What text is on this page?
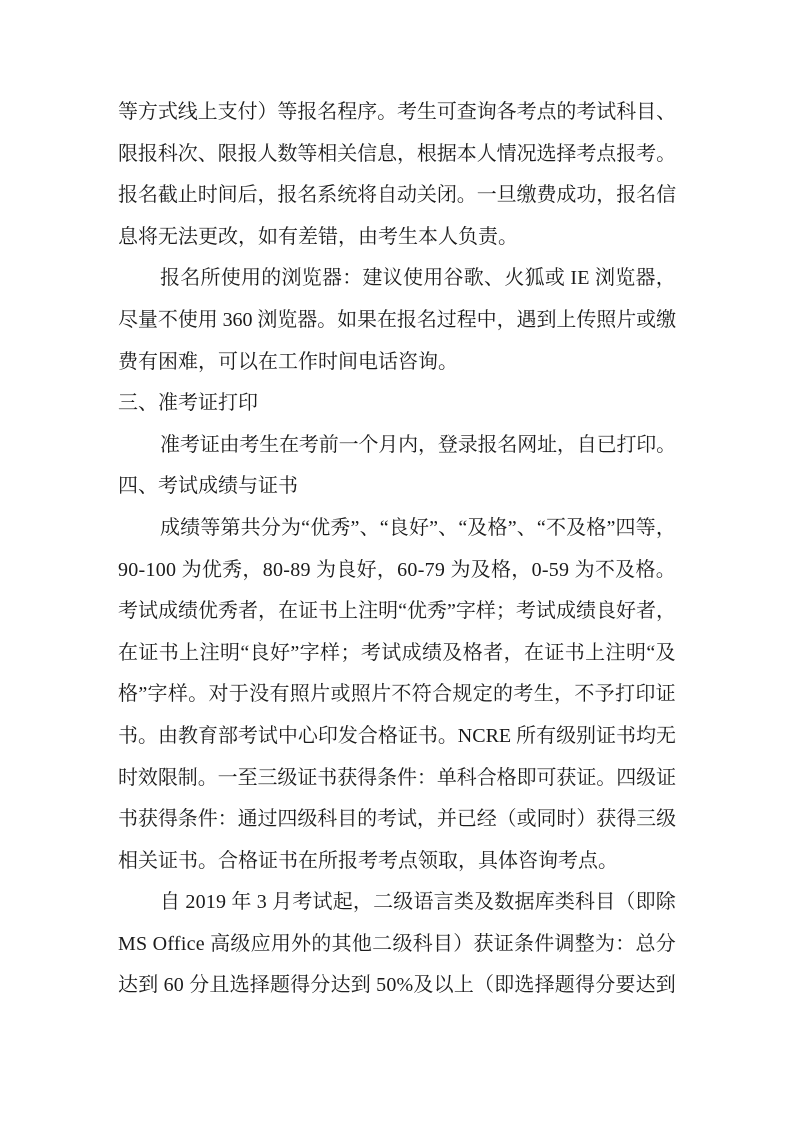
等方式线上支付）等报名程序。考生可查询各考点的考试科目、
限报科次、限报人数等相关信息，根据本人情况选择考点报考。
报名截止时间后，报名系统将自动关闭。一旦缴费成功，报名信
息将无法更改，如有差错，由考生本人负责。
报名所使用的浏览器：建议使用谷歌、火狐或 IE 浏览器，
尽量不使用 360 浏览器。如果在报名过程中，遇到上传照片或缴
费有困难，可以在工作时间电话咨询。
三、准考证打印
准考证由考生在考前一个月内，登录报名网址，自已打印。
四、考试成绩与证书
成绩等第共分为“优秀”、“良好”、“及格”、“不及格”四等，
90-100 为优秀，80-89 为良好，60-79 为及格，0-59 为不及格。
考试成绩优秀者，在证书上注明“优秀”字样；考试成绩良好者，
在证书上注明“良好”字样；考试成绩及格者，在证书上注明“及
格”字样。对于没有照片或照片不符合规定的考生，不予打印证
书。由教育部考试中心印发合格证书。NCRE 所有级别证书均无
时效限制。一至三级证书获得条件：单科合格即可获证。四级证
书获得条件：通过四级科目的考试，并已经（或同时）获得三级
相关证书。合格证书在所报考考点领取，具体咨询考点。
自 2019 年 3 月考试起，二级语言类及数据库类科目（即除
MS Office 高级应用外的其他二级科目）获证条件调整为：总分
达到 60 分且选择题得分达到 50%及以上（即选择题得分要达到
